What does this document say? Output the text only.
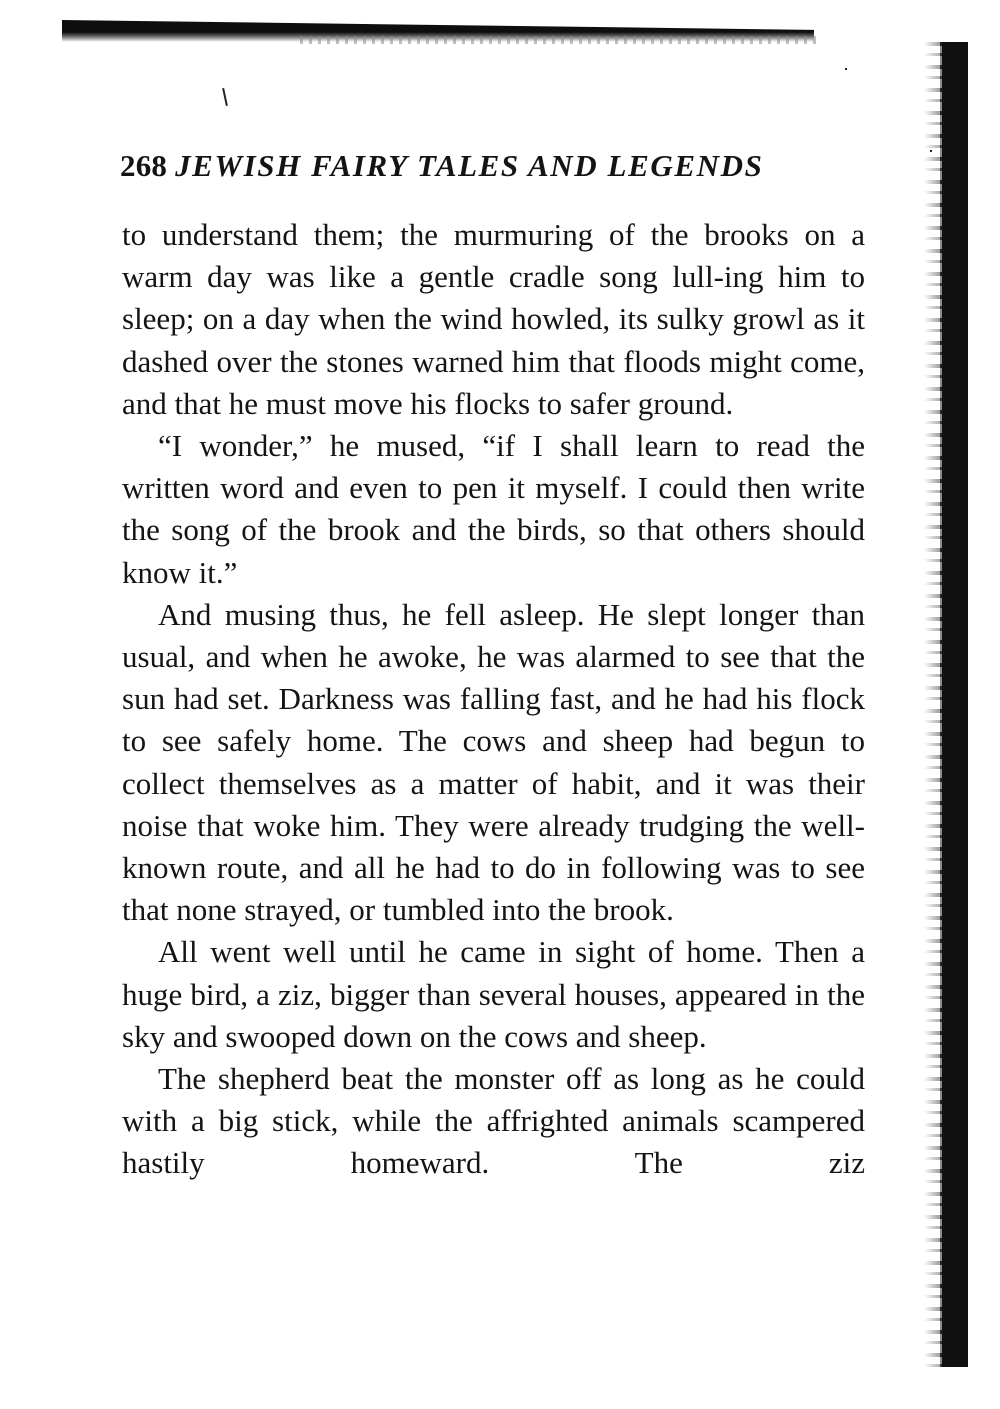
268 JEWISH FAIRY TALES AND LEGENDS

to understand them; the murmuring of the brooks on a warm day was like a gentle cradle song lull-ing him to sleep; on a day when the wind howled, its sulky growl as it dashed over the stones warned him that floods might come, and that he must move his flocks to safer ground.

“I wonder,” he mused, “if I shall learn to read the written word and even to pen it myself. I could then write the song of the brook and the birds, so that others should know it.”

And musing thus, he fell asleep. He slept longer than usual, and when he awoke, he was alarmed to see that the sun had set. Darkness was falling fast, and he had his flock to see safely home. The cows and sheep had begun to collect themselves as a matter of habit, and it was their noise that woke him. They were already trudging the well-known route, and all he had to do in following was to see that none strayed, or tumbled into the brook.

All went well until he came in sight of home. Then a huge bird, a ziz, bigger than several houses, appeared in the sky and swooped down on the cows and sheep.

The shepherd beat the monster off as long as he could with a big stick, while the affrighted animals scampered hastily homeward. The ziz
